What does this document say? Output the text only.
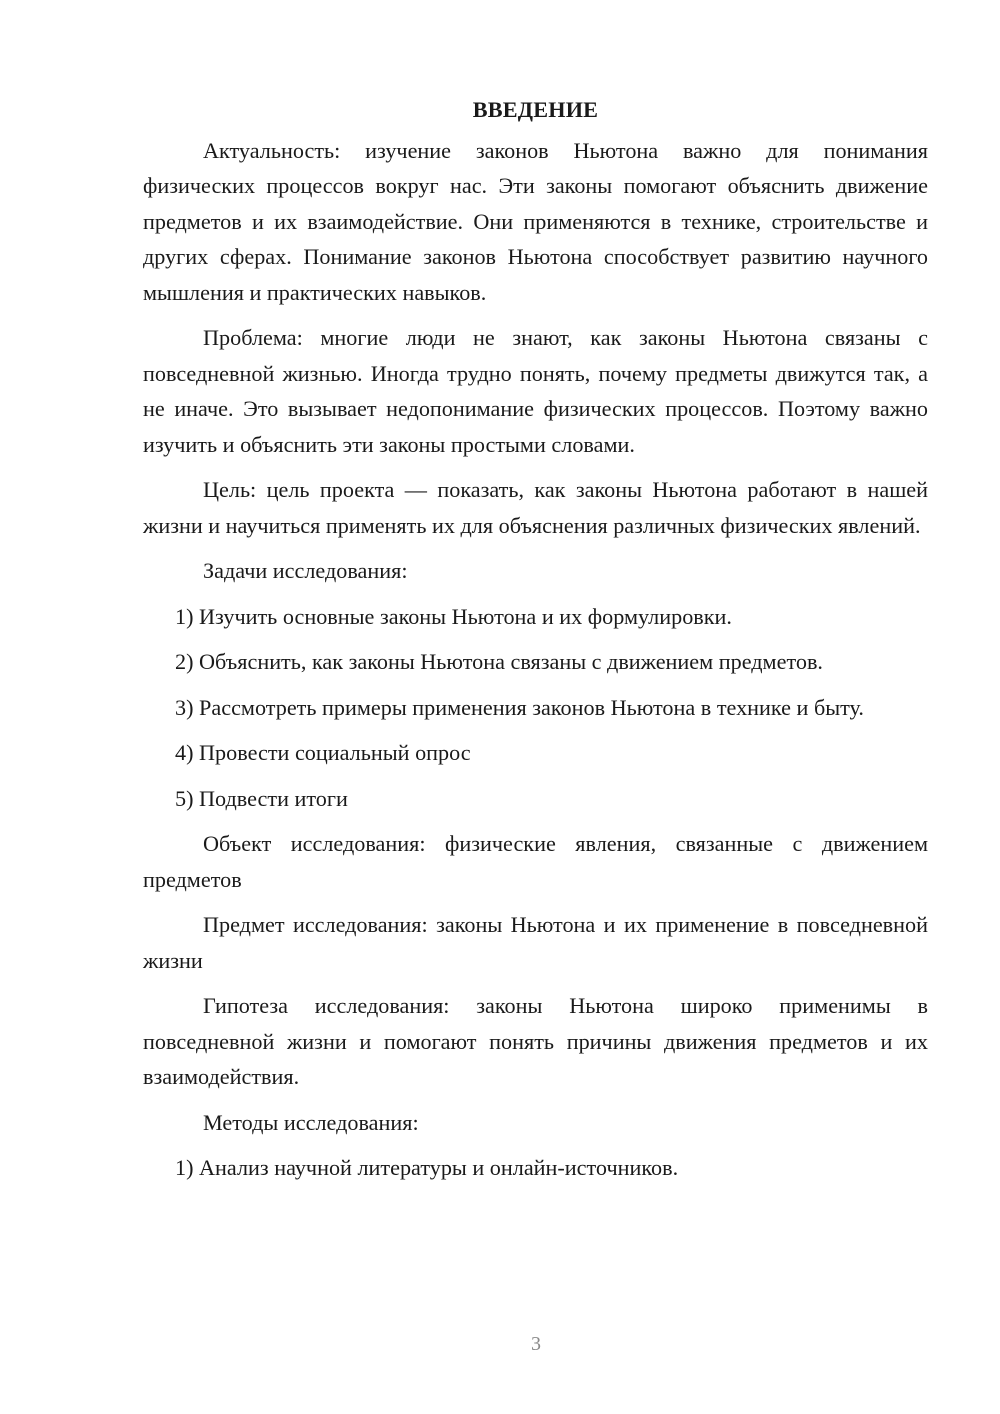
ВВЕДЕНИЕ

Актуальность: изучение законов Ньютона важно для понимания физических процессов вокруг нас. Эти законы помогают объяснить движение предметов и их взаимодействие. Они применяются в технике, строительстве и других сферах. Понимание законов Ньютона способствует развитию научного мышления и практических навыков.

Проблема: многие люди не знают, как законы Ньютона связаны с повседневной жизнью. Иногда трудно понять, почему предметы движутся так, а не иначе. Это вызывает недопонимание физических процессов. Поэтому важно изучить и объяснить эти законы простыми словами.

Цель: цель проекта — показать, как законы Ньютона работают в нашей жизни и научиться применять их для объяснения различных физических явлений.

Задачи исследования:

1) Изучить основные законы Ньютона и их формулировки.

2) Объяснить, как законы Ньютона связаны с движением предметов.

3) Рассмотреть примеры применения законов Ньютона в технике и быту.

4) Провести социальный опрос

5) Подвести итоги

Объект исследования: физические явления, связанные с движением предметов

Предмет исследования: законы Ньютона и их применение в повседневной жизни

Гипотеза исследования: законы Ньютона широко применимы в повседневной жизни и помогают понять причины движения предметов и их взаимодействия.

Методы исследования:

1) Анализ научной литературы и онлайн-источников.

3
